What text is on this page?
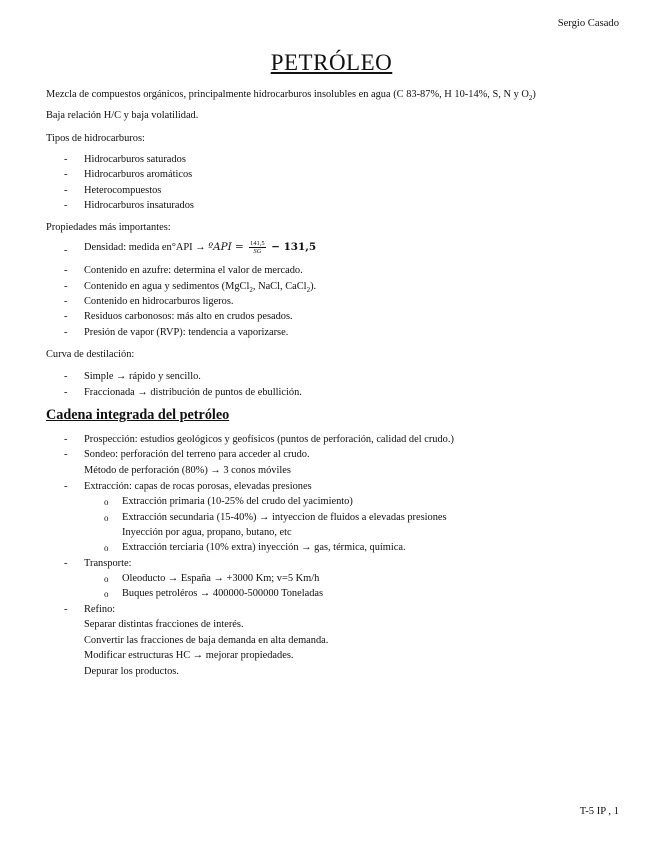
Sergio Casado
PETRÓLEO
Mezcla de compuestos orgánicos, principalmente hidrocarburos insolubles en agua (C 83-87%, H 10-14%, S, N y $O_2$)
Baja relación H/C y baja volatilidad.
Tipos de hidrocarburos:
- Hidrocarburos saturados
- Hidrocarburos aromáticos
- Heterocompuestos
- Hidrocarburos insaturados
Propiedades más importantes:
- Densidad: medida en°API → ºAPI = $\frac{141,5}{SG} - 131,5$
- Contenido en azufre: determina el valor de mercado.
- Contenido en agua y sedimentos (MgCl$_2$, NaCl, CaCl$_2$).
- Contenido en hidrocarburos ligeros.
- Residuos carbonosos: más alto en crudos pesados.
- Presión de vapor (RVP): tendencia a vaporizarse.
Curva de destilación:
- Simple → rápido y sencillo.
- Fraccionada → distribución de puntos de ebullición.
Cadena integrada del petróleo
- Prospección: estudios geológicos y geofísicos (puntos de perforación, calidad del crudo.)
- Sondeo: perforación del terreno para acceder al crudo.
Método de perforación (80%) → 3 conos móviles
- Extracción: capas de rocas porosas, elevadas presiones
o Extracción primaria (10-25% del crudo del yacimiento)
o Extracción secundaria (15-40%) → intyeccion de fluidos a elevadas presiones
Inyección por agua, propano, butano, etc
o Extracción terciaria (10% extra) inyección → gas, térmica, química.
- Transporte:
o Oleoducto → España → +3000 Km; v=5 Km/h
o Buques petroléros → 400000-500000 Toneladas
- Refino:
Separar distintas fracciones de interés.
Convertir las fracciones de baja demanda en alta demanda.
Modificar estructuras HC → mejorar propiedades.
Depurar los productos.
T-5 IP , 1
